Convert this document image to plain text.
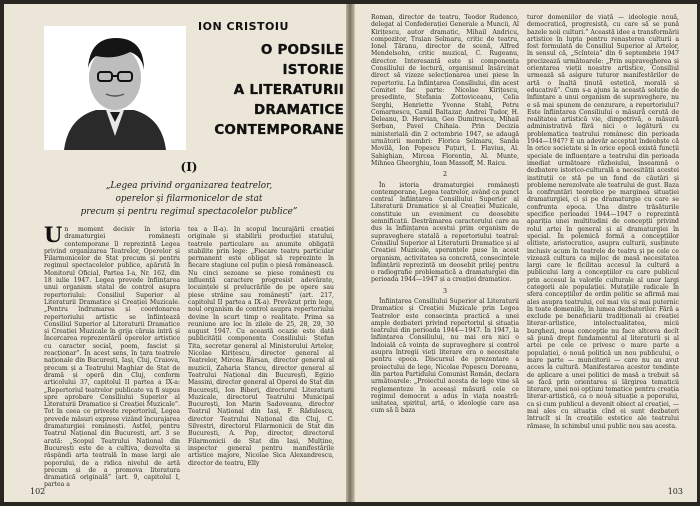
ION CRISTOIU
O PODSILE ISTORIE
A LITERATURII
DRAMATICE
CONTEMPORANE
(I)
„Legea privind organizarea teatrelor,
operelor și filarmonicelor de stat
precum și pentru regimul spectacolelor publice”
U n moment decisiv în istoria dramaturgiei românești contemporane îl reprezintă Legea privind organizarea Teatrelor, Operelor și Filarmonicelor de Stat precum și pentru regimul spectacolelor publice, apărută în Monitorul Oficial, Partea I-a, Nr. 162, din 18 iulie 1947. Legea prevede înființarea unui organism statal de control asupra repertoriului: Consiliul Superior al Literaturii Dramatice și Creației Muzicale. „Pentru îndrumarea și coordonarea repertoriului artistic se înființează Consiliul Superior al Literaturii Dramatice și Creației Muzicale în grija căruia intră și încercarea reprezentării operelor artistice cu caracter social, poem, fascist și reacționar”. În acest sens, în țara teatrele naționale din București, Iași, Cluj, Craiova, precum și a Teatrului Maghiar de Stat de dramă și operă din Cluj, conform articolului 37, capitolul II partea a IX-a: „Repertoriul teatrelor publicate va fi supus spre aprobare Consiliului Superior al Literaturii Dramatice și Creației Muzicale”. Tot în ceea ce privește repertoriul, Legea prevede măsuri exprese vizând încurajarea dramaturgiei românești. Astfel, pentru Teatrul Național din București, art. 3 se arată: „Scopul Teatrului Național din București este de a cultiva, dezvolta și răspândi arta teatrală în mase largi ale poporului, de a ridica nivelul de artă precum și de a promova literatura dramatică originală” (art. 9, capitolul I, partea a

tea a II-a). În scopul încurajării creației originale și stabilirii producției statului, teatrele particulare au anumite obligații stabilite prin lege: „Fiecare teatru particular permanent este obligat să reprezinte în fiecare stagiune cel puțin o piesă românească. Nu cinci sezoane se piese românești cu influență caractere progresist adevărate, locuințele și prelucrările de pe opere sau piese străine sau românești” (art. 217, capitolul II partea a IX-a). Prevăzut prin lege, noul organism de control asupra repertoriului devine în scurt timp o realitate. Prima sa reuniune are loc în zilele de 25, 28, 29, 30 august 1947. Cu această ocazie este dată publicității componența Consiliului: Ștefan Tita, secretar general al Ministerului Artelor, Nicolae Kirițescu, director general al Teatrelor, Mircea Bârsan, director general al muzicii, Zaharia Stancu, director general al Teatrului Național din București, Egizio Massini, director general al Operei de Stat din București, Ion Biberi, directorul Literaturii Muzicale, directorul Teatrului Municipal București, Ion Marin Sadoveanu, director Teatrul Național din Iași, F. Rădulescu, director Teatrului Național din Cluj, C. Silvestri, directorul Filarmonicii de Stat din București, A. Pop, director, directorul Filarmonicii de Stat din Iași, Mulține, inspector general pentru manifestările artistice majore, Nicolae Sica Alexandrescu, director de teatru, Elly

102

Roman, director de teatru, Teodor Rudenco, delegat al Confederației Generale a Muncii, Al Kirițescu, autor dramatic, Mihail Andricu, compozitor, Traian Șelmaru, critic de teatru, Ionel Țăranu, director de scenă, Alfred Mendelsohn, critic muzical, C. Rugeanu, director. Interesantă este și componența Consiliului de lectură, organismul însărcinat direct să vizeze selecționarea unei piese în repertoriu. La înființarea Consiliului, din acest Comitet fac parte: Nicolae Kirițescu, președinte, Ștefania Zottoviceanu, Celia Serghi, Henriette Yvonne Stahl, Petru Comarnescu, Camil Baltazar, Andrei Tudor, H. Deleanu, D. Hervian, Geo Dumitrescu, Mihail Șerban, Pavel Chihaia. Prin Decizia ministerială din 2 octombrie 1947, se adaugă următorii membri: Florica Șelmaru, Sanda Movilă, Ion Popescu Puțuri, I. Flavius, Al. Șahighian, Mircea Florentin, Al. Munte, Mihnea Gheorghiu, Ioan Massoff, M. Raicu.

2

În istoria dramaturgiei românești contemporane, Legea teatrelor, având ca punct central înființarea Consiliului Superior al Literaturii Dramatice și al Creației Muzicale, constituie un eveniment cu deosebite semnificații. Destrămarea caracterului care au dus la înființarea acestui prim organism de supraveghere statală a repertoriului teatral: Consiliul Superior al Literaturii Dramatice și al Creației Muzicale, speranțele puse în acest organism, activitatea sa concretă, consecințele înființării reprezintă un deosebit prilej pentru o radiografie problematică a dramaturgiei din perioada 1944—1947 și a creației dramatice.

3

Înființarea Consiliului Superior al Literaturii Dramatice și Creației Muzicale prin Legea Teatrelor este consecința practică a unei ample dezbateri privind repertoriul și situația teatrului din perioada 1944—1947. În 1947, la înființarea Consiliului, nu mai era nici o îndoială că voința de supraveghere și control asupra întregii vieți literare era o necesitate pentru epoca. Discursul de prezentare a proiectului de lege, Nicolae Popescu Doreanu, din partea Partidului Comunist Român, declara următoarele: „Proiectul acesta de lege vine să reglementeze în aceeași măsură cele ce regimul democrat a adus în viața noastră: unitatea, spiritul, artă, o ideologie care așa cum să îi baza

turor domeniilor de viață — ideologie nouă, democratică, progresistă, cu care să se pună bazele noii culturi.” Această idee a transformării artistice în lupta pentru renașterea culturii a fost formulată de Consiliul Superior al Artelor, în sensul că, „Scînteia” din 6 septembrie 1947 precizează următoarele: „Prin supravegherea și orientarea vieții noastre artistice, Consiliul urmează să asigure tuturor manifestărilor de artă o înaltă ținută estetică, morală și educativă”. Cum s-a ajuns la această soluție de înființare a unui organism de supraveghere, nu e să mai spunem de cenzurare, a repertoriului? Este înființarea Consiliului o măsură cerută de realitatea artistică vie, dimpotrivă, o măsură administrativă fără nici o legătură cu problematica teatrului românesc din perioada 1944—1947? E un adevăr acceptat îndeobște că în orice societate și în orice epocă există funcții speciale de influențare a teatrului din perioada imediat următoare războiului, înseamnă o dezbatere istorico-culturală a necesității acestei instituții ce stă pe un fond de căutări și probleme nerezolvate ale teatrului de gust. Baza la confruntări teoretice pe marginea situației dramaturgiei, ci și pe dramaturgie cu care se confrunta epoca. Una dintre trăsăturile specifice perioadei 1944—1947 o reprezintă apariția unei multitudini de concepții privind rolul artei în general și al dramaturgiei în special. În polemică formă a concepțiilor elitiste, aristocratice, asupra culturii, susținute inclusiv acum în teatrele de teatru și pe cele ce vizează cultura ca mijloc de masă necesitatea largi care le ficilitau accesul la cultură a publicului larg a concepțiilor cu care publicul prin accesul la valorile culturale al unor largi categorii ale populației. Mutațiile radicale în sfera concepțiilor de ordin politic se afirmă mai ales asupra teatrului, cel mai viu și mai puternic în toate domeniile, în lumea dezbaterilor. Fără a exclude pe beneficiarii tradiționali ai creației literar-artistice, intelectualitatea, micii burghezi, noua concepție nu face altceva decît să pună drept fundamentul al literaturii și al artei pe cele ce privesc o mare parte a populației, o nouă politică un nou publicului, o mare parte — muncitorii — care nu au avut acces la cultură. Manifestarea acestor tendințe de aplicare a unei politici de masă a trebuit să se facă prin orientarea și lărgirea tematicii literare, unei noi opțiuni tematice pentru creația literar-artistică, ca o nouă situație a poporului, ca și cum publicul a devenit obiect al creației, — mai ales cu situația cînd ei sunt dezbateri întrucît și în creațiile estetice ale teatrului rămase, în schimbul unui public nou sau acesta.

103
